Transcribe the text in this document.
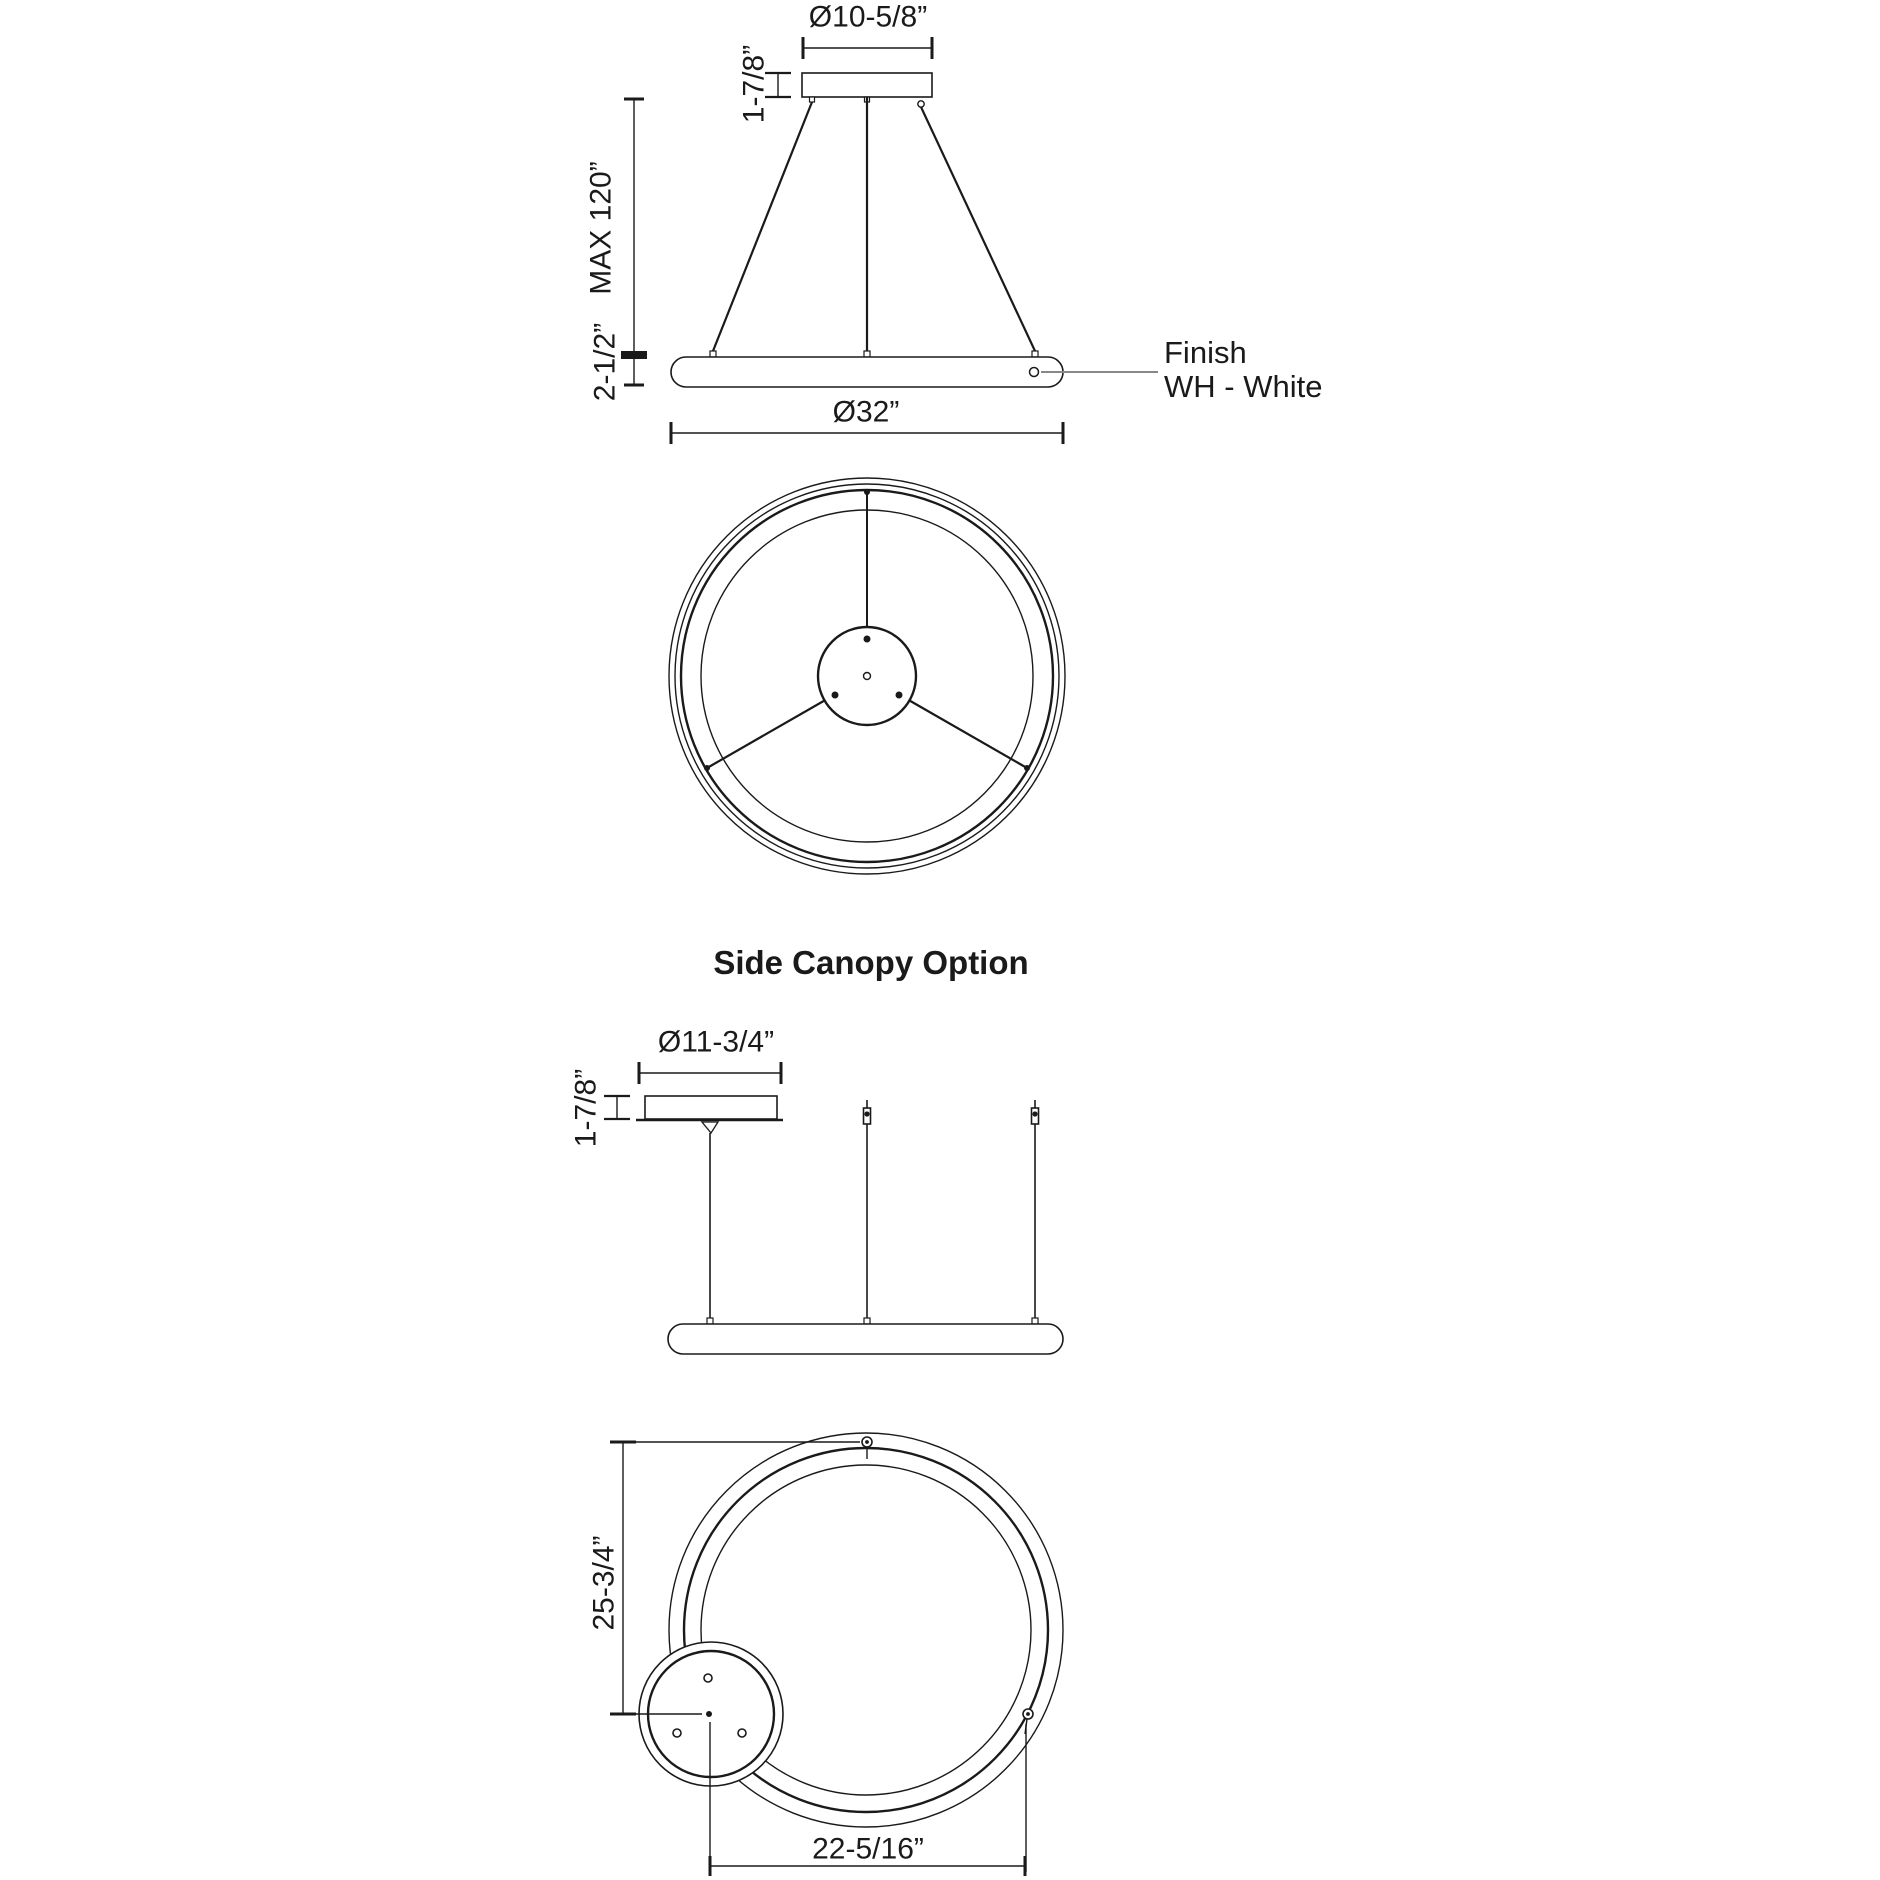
Ø10-5/8”
1-7/8”
MAX 120”
2-1/2”
Ø32”
Finish
WH - White
Side Canopy Option
Ø11-3/4”
1-7/8”
25-3/4”
22-5/16”
